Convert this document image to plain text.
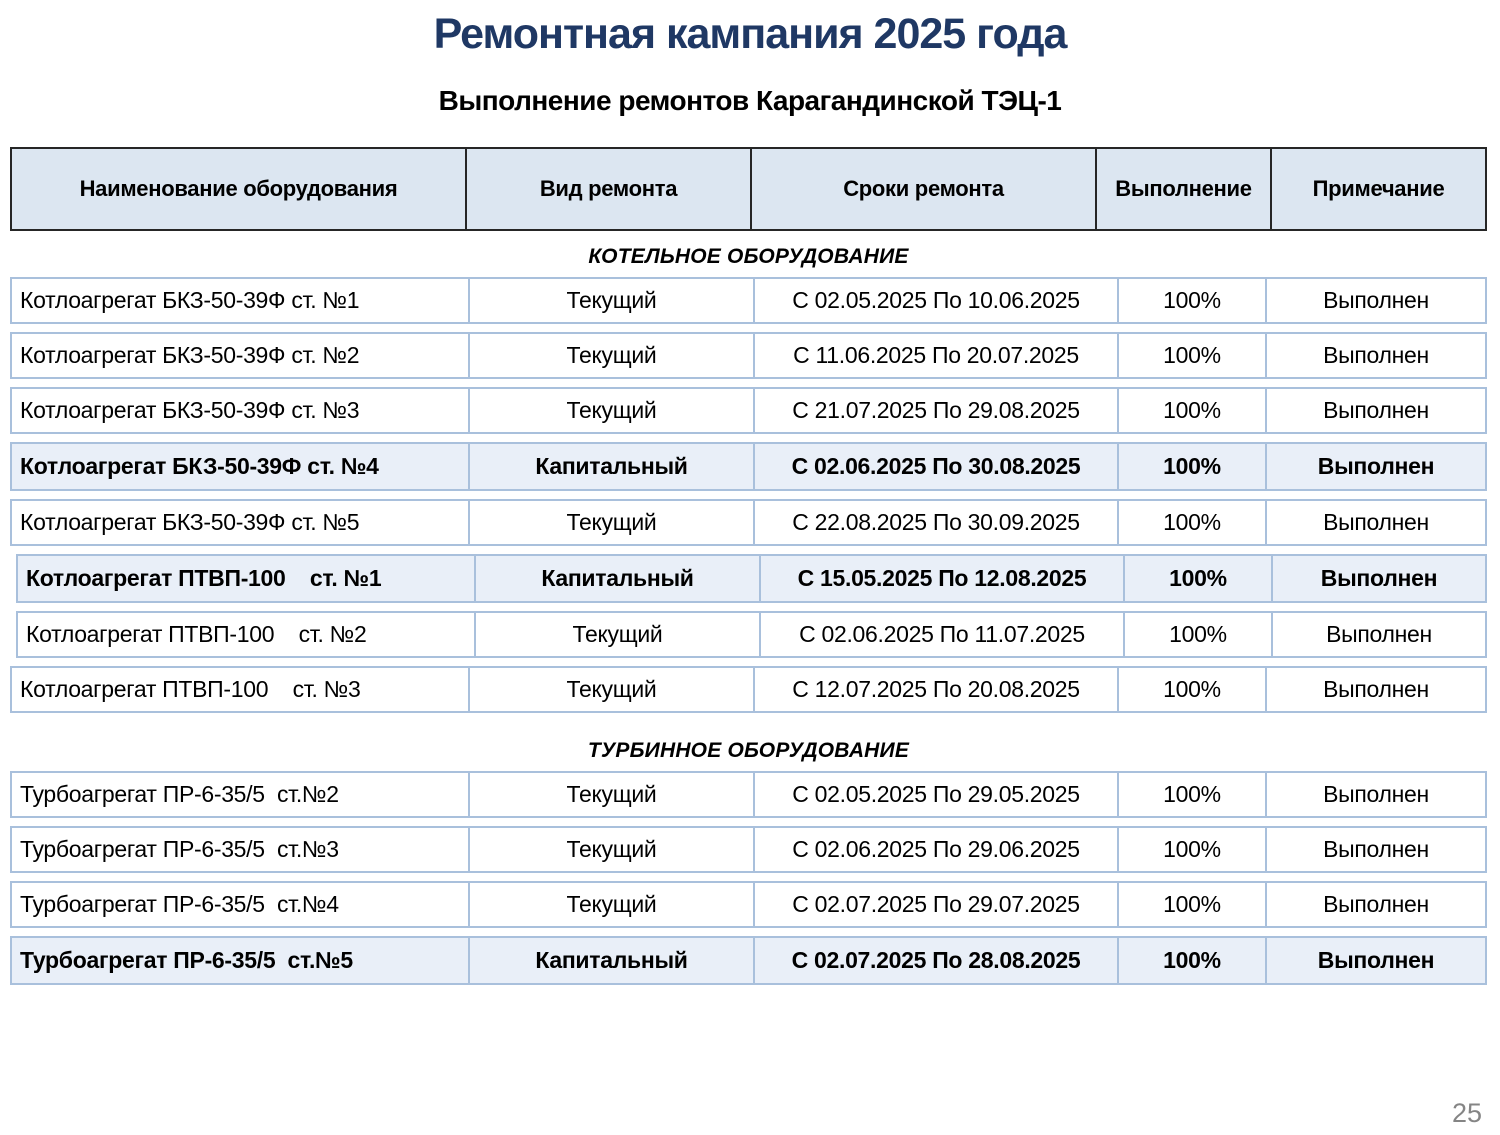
Ремонтная кампания 2025 года
Выполнение ремонтов Карагандинской ТЭЦ-1
Наименование оборудования	Вид ремонта	Сроки ремонта	Выполнение	Примечание
КОТЕЛЬНОЕ ОБОРУДОВАНИЕ
Котлоагрегат БКЗ-50-39Ф ст. №1	Текущий	С 02.05.2025 По 10.06.2025	100%	Выполнен
Котлоагрегат БКЗ-50-39Ф ст. №2	Текущий	С 11.06.2025 По 20.07.2025	100%	Выполнен
Котлоагрегат БКЗ-50-39Ф ст. №3	Текущий	С 21.07.2025 По 29.08.2025	100%	Выполнен
Котлоагрегат БКЗ-50-39Ф ст. №4	Капитальный	С 02.06.2025 По 30.08.2025	100%	Выполнен
Котлоагрегат БКЗ-50-39Ф ст. №5	Текущий	С 22.08.2025 По 30.09.2025	100%	Выполнен
Котлоагрегат ПТВП-100    ст. №1	Капитальный	С 15.05.2025 По 12.08.2025	100%	Выполнен
Котлоагрегат ПТВП-100    ст. №2	Текущий	С 02.06.2025 По 11.07.2025	100%	Выполнен
Котлоагрегат ПТВП-100    ст. №3	Текущий	С 12.07.2025 По 20.08.2025	100%	Выполнен
ТУРБИННОЕ ОБОРУДОВАНИЕ
Турбоагрегат ПР-6-35/5  ст.№2	Текущий	С 02.05.2025 По 29.05.2025	100%	Выполнен
Турбоагрегат ПР-6-35/5  ст.№3	Текущий	С 02.06.2025 По 29.06.2025	100%	Выполнен
Турбоагрегат ПР-6-35/5  ст.№4	Текущий	С 02.07.2025 По 29.07.2025	100%	Выполнен
Турбоагрегат ПР-6-35/5  ст.№5	Капитальный	С 02.07.2025 По 28.08.2025	100%	Выполнен
25
